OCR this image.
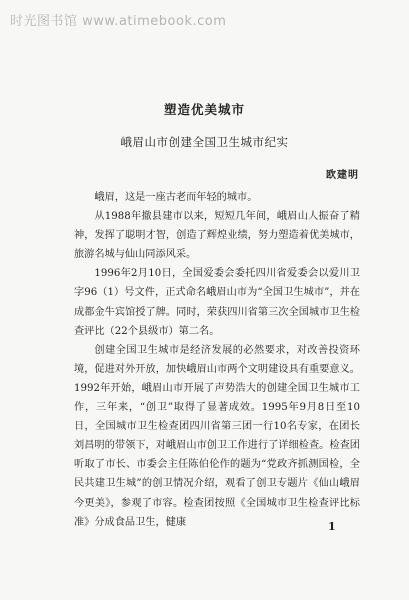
时光图书馆 www.atimebook.com
塑造优美城市
峨眉山市创建全国卫生城市纪实
欧建明

峨眉，这是一座古老而年轻的城市。

从1988年撤县建市以来，短短几年间，峨眉山人振奋了精神，发挥了聪明才智，创造了辉煌业绩，努力塑造着优美城市，旅游名城与仙山同添风采。

1996年2月10日，全国爱委会委托四川省爱委会以爱川卫字96（1）号文件，正式命名峨眉山市为“全国卫生城市”，并在成都金牛宾馆授了牌。同时，荣获四川省第三次全国城市卫生检查评比（22个县级市）第二名。

创建全国卫生城市是经济发展的必然要求，对改善投资环境，促进对外开放，加快峨眉山市两个文明建设具有重要意义。1992年开始，峨眉山市开展了声势浩大的创建全国卫生城市工作，三年来，“创卫”取得了显著成效。1995年9月8日至10日，全国城市卫生检查团四川省第三团一行10名专家，在团长刘昌明的带领下，对峨眉山市创卫工作进行了详细检查。检查团听取了市长、市委会主任陈伯伦作的题为“党政齐抓测国检，全民共建卫生城”的创卫情况介绍，观看了创卫专题片《仙山峨眉今更美》，参观了市容。检查团按照《全国城市卫生检查评比标准》分成食品卫生，健康	1
